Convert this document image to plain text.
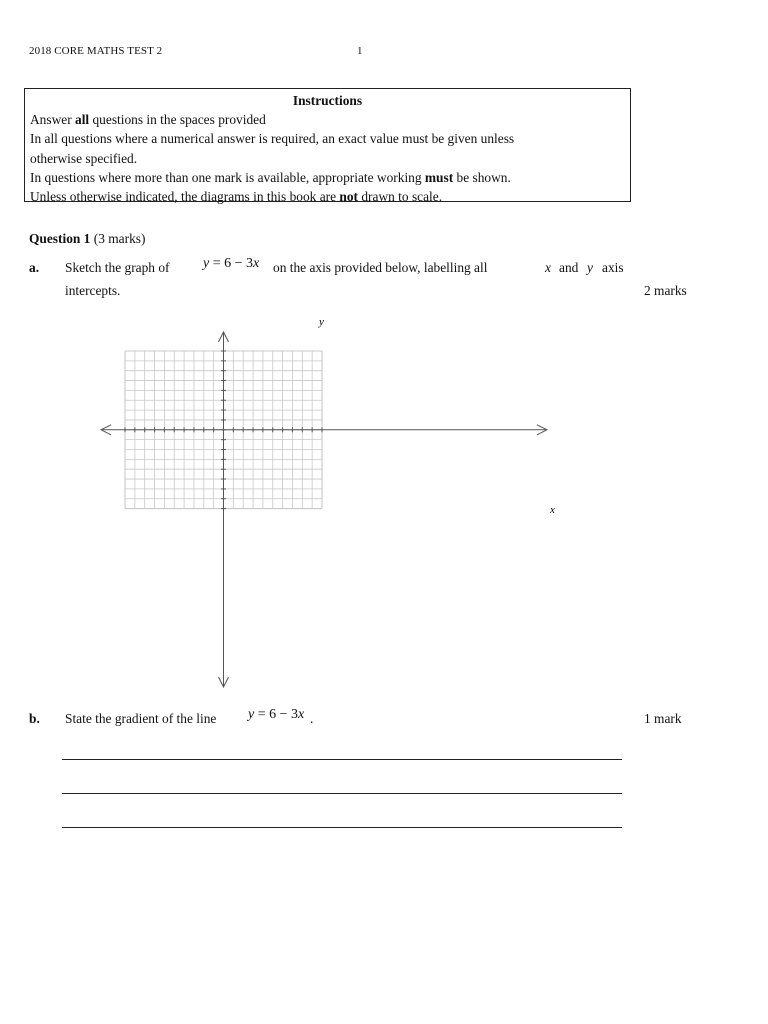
2018 CORE MATHS TEST 2	1
Instructions
Answer all questions in the spaces provided
In all questions where a numerical answer is required, an exact value must be given unless
otherwise specified.
In questions where more than one mark is available, appropriate working must be shown.
Unless otherwise indicated, the diagrams in this book are not drawn to scale.
Question 1 (3 marks)
a. Sketch the graph of y = 6 − 3x on the axis provided below, labelling all	x and y axis
intercepts.	2 marks
x
y
b. State the gradient of the line y = 6 − 3x .	1 mark
